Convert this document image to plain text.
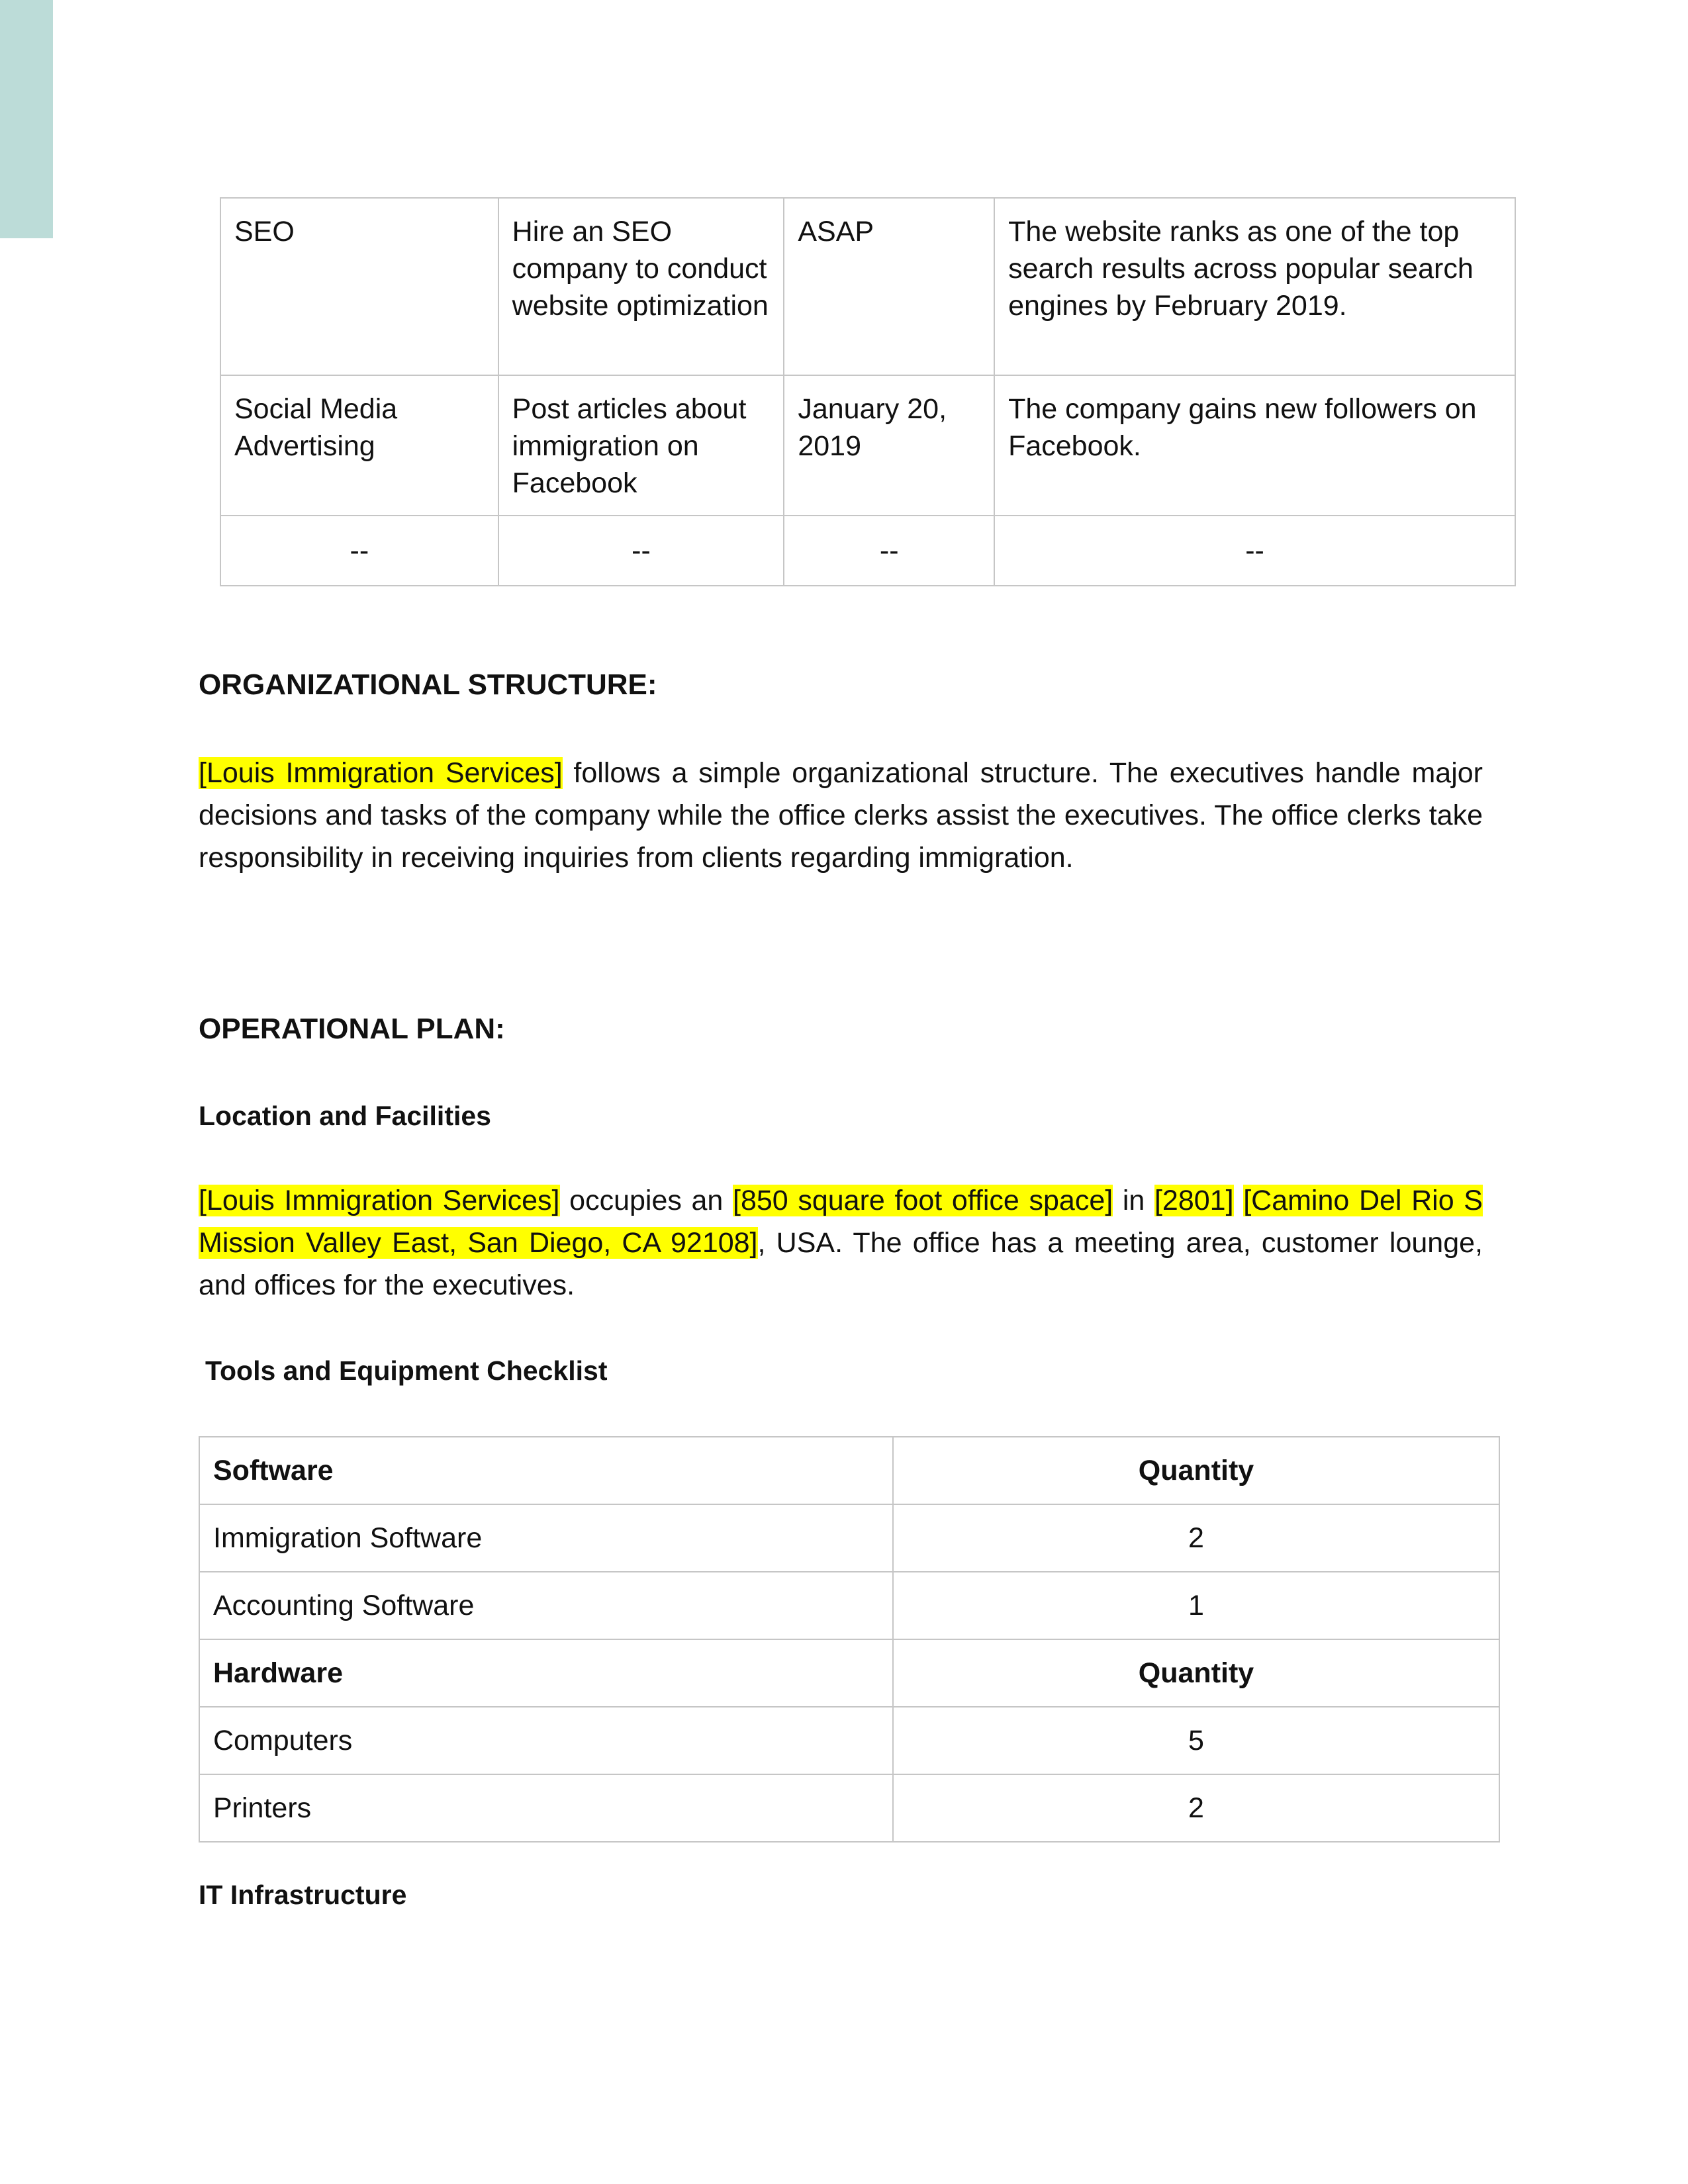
SEO	Hire an SEO company to conduct website optimization	ASAP	The website ranks as one of the top search results across popular search engines by February 2019.
Social Media Advertising	Post articles about immigration on Facebook	January 20, 2019	The company gains new followers on Facebook.
--	--	--	--
ORGANIZATIONAL STRUCTURE:

[Louis Immigration Services] follows a simple organizational structure. The executives handle major decisions and tasks of the company while the office clerks assist the executives. The office clerks take responsibility in receiving inquiries from clients regarding immigration.

OPERATIONAL PLAN:
Location and Facilities

[Louis Immigration Services] occupies an [850 square foot office space] in [2801] [Camino Del Rio S Mission Valley East, San Diego, CA 92108], USA. The office has a meeting area, customer lounge, and offices for the executives.

Tools and Equipment Checklist
Software	Quantity
Immigration Software	2
Accounting Software	1
Hardware	Quantity
Computers	5
Printers	2
IT Infrastructure
